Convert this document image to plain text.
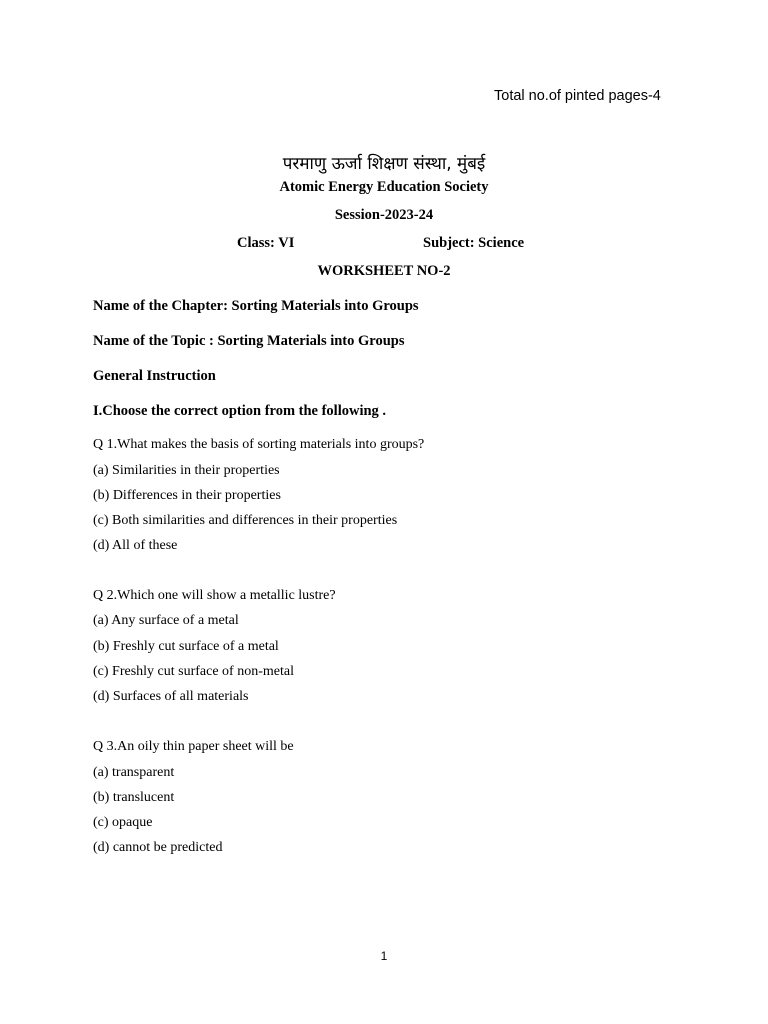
Total no.of pinted pages-4
परमाणु ऊर्जा शिक्षण संस्था, मुंबई
Atomic Energy Education Society
Session-2023-24
Class: VI	Subject: Science
WORKSHEET NO-2
Name of the Chapter: Sorting Materials into Groups
Name of the Topic : Sorting Materials into Groups
General Instruction
I.Choose the correct option from the following .
Q 1.What makes the basis of sorting materials into groups?
(a) Similarities in their properties
(b) Differences in their properties
(c) Both similarities and differences in their properties
(d) All of these
Q 2.Which one will show a metallic lustre?
(a) Any surface of a metal
(b) Freshly cut surface of a metal
(c) Freshly cut surface of non-metal
(d) Surfaces of all materials
Q 3.An oily thin paper sheet will be
(a) transparent
(b) translucent
(c) opaque
(d) cannot be predicted
1
